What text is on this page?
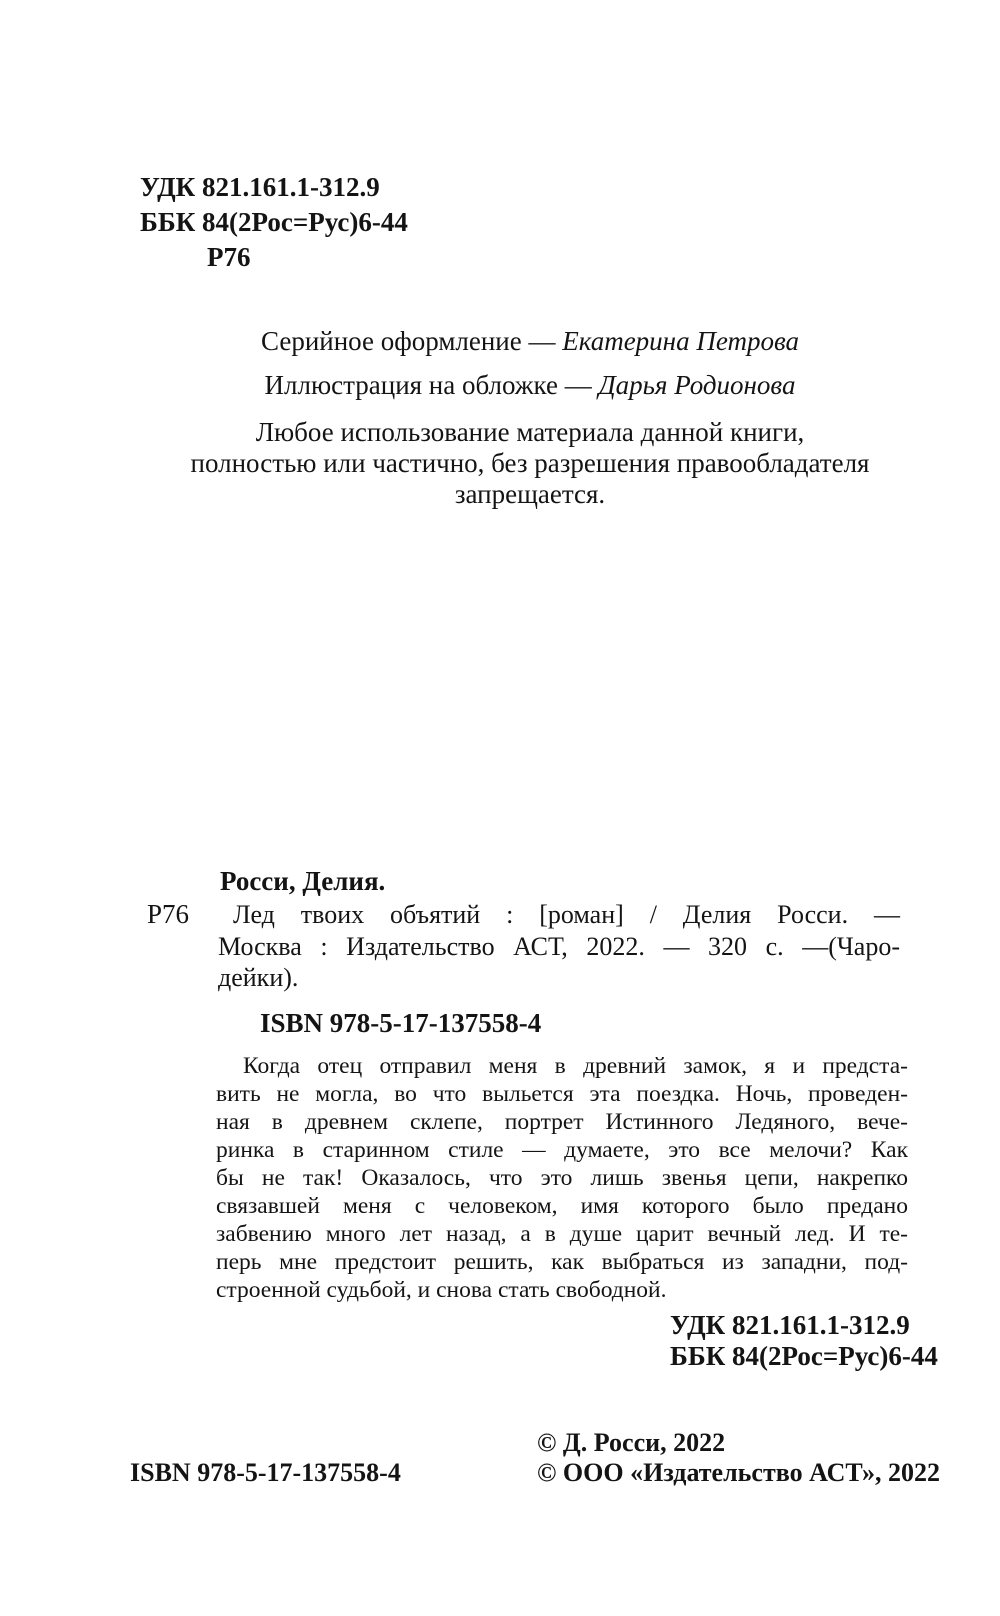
УДК 821.161.1-312.9
ББК 84(2Рос=Рус)6-44
Р76
Серийное оформление — Екатерина Петрова
Иллюстрация на обложке — Дарья Родионова
Любое использование материала данной книги,
полностью или частично, без разрешения правообладателя
запрещается.
Росси, Делия.
Р76	Лед твоих объятий : [роман] / Делия Росси. —
Москва : Издательство АСТ, 2022. — 320 с. —(Чаро-
дейки).
ISBN 978-5-17-137558-4
Когда отец отправил меня в древний замок, я и предста-
вить не могла, во что выльется эта поездка. Ночь, проведен-
ная в древнем склепе, портрет Истинного Ледяного, вече-
ринка в старинном стиле — думаете, это все мелочи? Как
бы не так! Оказалось, что это лишь звенья цепи, накрепко
связавшей меня с человеком, имя которого было предано
забвению много лет назад, а в душе царит вечный лед. И те-
перь мне предстоит решить, как выбраться из западни, под-
строенной судьбой, и снова стать свободной.
УДК 821.161.1-312.9
ББК 84(2Рос=Рус)6-44
© Д. Росси, 2022
ISBN 978-5-17-137558-4	© ООО «Издательство АСТ», 2022
